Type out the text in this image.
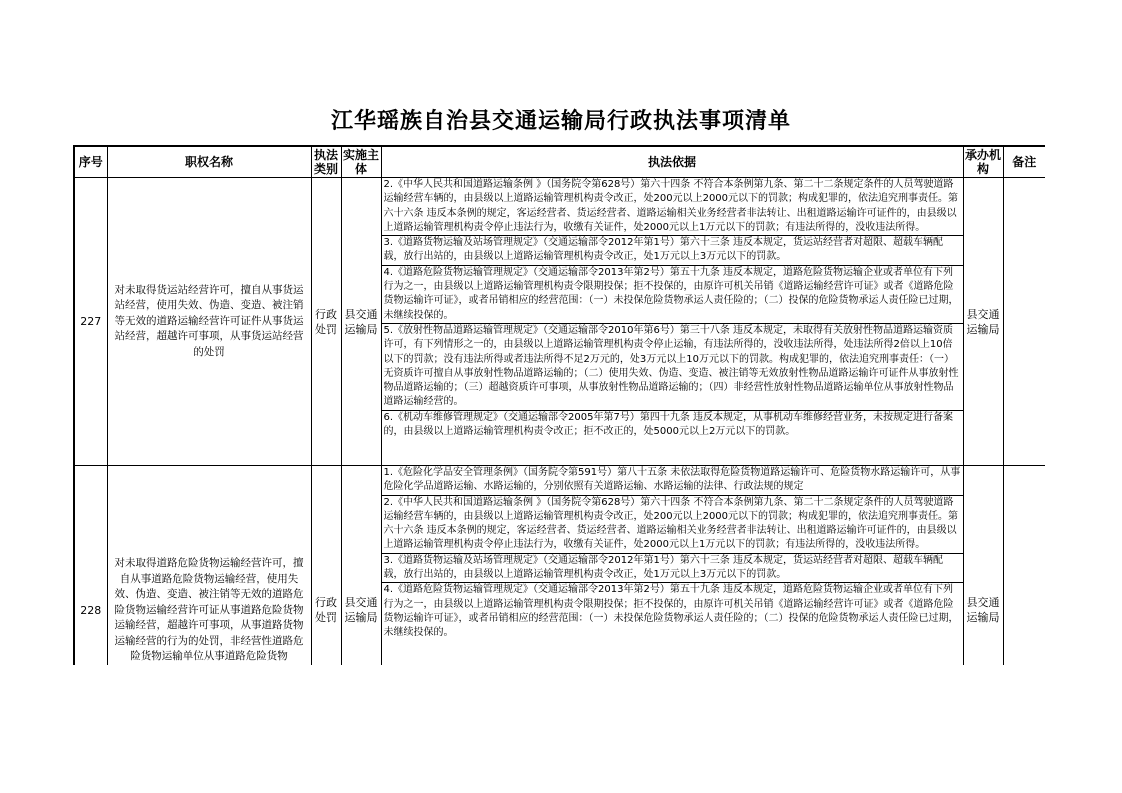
江华瑶族自治县交通运输局行政执法事项清单
序号	职权名称	执法类别	实施主体	执法依据	承办机构	备注
227	对未取得货运站经营许可，擅自从事货运站经营，使用失效、伪造、变造、被注销等无效的道路运输经营许可证件从事货运站经营，超越许可事项，从事货运站经营的处罚	行政处罚	县交通运输局	2.《中华人民共和国道路运输条例 》（国务院令第628号）第六十四条 不符合本条例第九条、第二十二条规定条件的人员驾驶道路运输经营车辆的，由县级以上道路运输管理机构责令改正，处200元以上2000元以下的罚款；构成犯罪的，依法追究刑事责任。第六十六条 违反本条例的规定，客运经营者、货运经营者、道路运输相关业务经营者非法转让、出租道路运输许可证件的，由县级以上道路运输管理机构责令停止违法行为，收缴有关证件，处2000元以上1万元以下的罚款；有违法所得的，没收违法所得。
3.《道路货物运输及站场管理规定》（交通运输部令2012年第1号）第六十三条 违反本规定，货运站经营者对超限、超载车辆配载，放行出站的，由县级以上道路运输管理机构责令改正，处1万元以上3万元以下的罚款。
4.《道路危险货物运输管理规定》（交通运输部令2013年第2号）第五十九条 违反本规定，道路危险货物运输企业或者单位有下列行为之一，由县级以上道路运输管理机构责令限期投保；拒不投保的，由原许可机关吊销《道路运输经营许可证》或者《道路危险货物运输许可证》，或者吊销相应的经营范围：（一）未投保危险货物承运人责任险的；（二）投保的危险货物承运人责任险已过期，未继续投保的。
5.《放射性物品道路运输管理规定》（交通运输部令2010年第6号）第三十八条 违反本规定，未取得有关放射性物品道路运输资质许可，有下列情形之一的，由县级以上道路运输管理机构责令停止运输，有违法所得的，没收违法所得，处违法所得2倍以上10倍以下的罚款；没有违法所得或者违法所得不足2万元的，处3万元以上10万元以下的罚款。构成犯罪的，依法追究刑事责任：（一）无资质许可擅自从事放射性物品道路运输的；（二）使用失效、伪造、变造、被注销等无效放射性物品道路运输许可证件从事放射性物品道路运输的；（三）超越资质许可事项，从事放射性物品道路运输的；（四）非经营性放射性物品道路运输单位从事放射性物品道路运输经营的。
6.《机动车维修管理规定》（交通运输部令2005年第7号）第四十九条 违反本规定，从事机动车维修经营业务，未按规定进行备案的，由县级以上道路运输管理机构责令改正；拒不改正的，处5000元以上2万元以下的罚款。	县交通运输局	
228	对未取得道路危险货物运输经营许可，擅自从事道路危险货物运输经营，使用失效、伪造、变造、被注销等无效的道路危险货物运输经营许可证从事道路危险货物运输经营，超越许可事项，从事道路货物运输经营的行为的处罚，非经营性道路危险货物运输单位从事道路危险货物	行政处罚	县交通运输局	1.《危险化学品安全管理条例》（国务院令第591号）第八十五条 未依法取得危险货物道路运输许可、危险货物水路运输许可，从事危险化学品道路运输、水路运输的，分别依照有关道路运输、水路运输的法律、行政法规的规定
2.《中华人民共和国道路运输条例 》（国务院令第628号）第六十四条 不符合本条例第九条、第二十二条规定条件的人员驾驶道路运输经营车辆的，由县级以上道路运输管理机构责令改正，处200元以上2000元以下的罚款；构成犯罪的，依法追究刑事责任。第六十六条 违反本条例的规定，客运经营者、货运经营者、道路运输相关业务经营者非法转让、出租道路运输许可证件的，由县级以上道路运输管理机构责令停止违法行为，收缴有关证件，处2000元以上1万元以下的罚款；有违法所得的，没收违法所得。
3.《道路货物运输及站场管理规定》（交通运输部令2012年第1号）第六十三条 违反本规定，货运站经营者对超限、超载车辆配载，放行出站的，由县级以上道路运输管理机构责令改正，处1万元以上3万元以下的罚款。
4.《道路危险货物运输管理规定》（交通运输部令2013年第2号）第五十九条 违反本规定，道路危险货物运输企业或者单位有下列行为之一，由县级以上道路运输管理机构责令限期投保；拒不投保的，由原许可机关吊销《道路运输经营许可证》或者《道路危险货物运输许可证》，或者吊销相应的经营范围：（一）未投保危险货物承运人责任险的；（二）投保的危险货物承运人责任险已过期，未继续投保的。	县交通运输局	
